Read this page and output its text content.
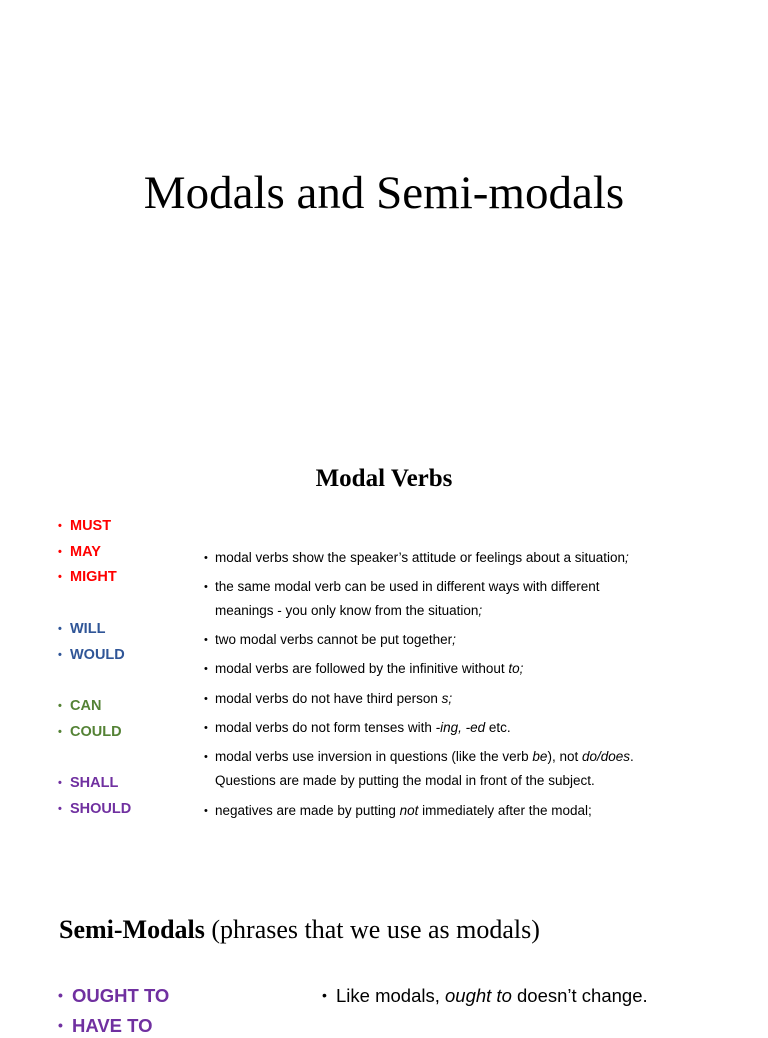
Modals and Semi-modals
Modal Verbs
• MUST
• MAY
• MIGHT
• WILL
• WOULD
• CAN
• COULD
• SHALL
• SHOULD
• modal verbs show the speaker’s attitude or feelings about a situation;
• the same modal verb can be used in different ways with different
meanings - you only know from the situation;
• two modal verbs cannot be put together;
• modal verbs are followed by the infinitive without to;
• modal verbs do not have third person s;
• modal verbs do not form tenses with -ing, -ed etc.
• modal verbs use inversion in questions (like the verb be), not do/does.
Questions are made by putting the modal in front of the subject.
• negatives are made by putting not immediately after the modal;
Semi-Modals (phrases that we use as modals)
• OUGHT TO
• HAVE TO
• Like modals, ought to doesn’t change.
